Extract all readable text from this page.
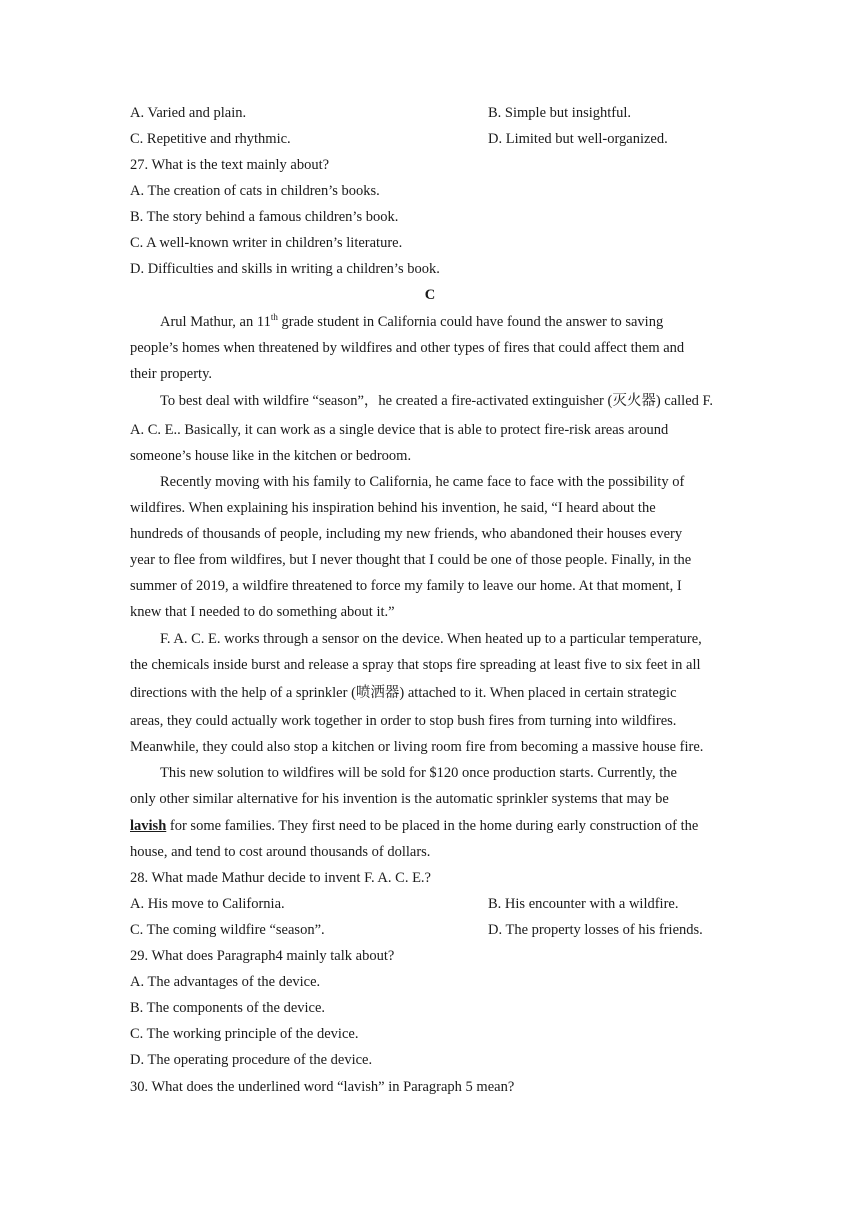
A. Varied and plain.	B. Simple but insightful.
C. Repetitive and rhythmic.	D. Limited but well-organized.
27. What is the text mainly about?
A. The creation of cats in children’s books.
B. The story behind a famous children’s book.
C. A well-known writer in children’s literature.
D. Difficulties and skills in writing a children’s book.
C
Arul Mathur, an 11th grade student in California could have found the answer to saving
people’s homes when threatened by wildfires and other types of fires that could affect them and
their property.
To best deal with wildfire “season”，he created a fire-activated extinguisher (灭火器) called F.
A. C. E.. Basically, it can work as a single device that is able to protect fire-risk areas around
someone’s house like in the kitchen or bedroom.
Recently moving with his family to California, he came face to face with the possibility of
wildfires. When explaining his inspiration behind his invention, he said, “I heard about the
hundreds of thousands of people, including my new friends, who abandoned their houses every
year to flee from wildfires, but I never thought that I could be one of those people. Finally, in the
summer of 2019, a wildfire threatened to force my family to leave our home. At that moment, I
knew that I needed to do something about it.”
F. A. C. E. works through a sensor on the device. When heated up to a particular temperature,
the chemicals inside burst and release a spray that stops fire spreading at least five to six feet in all
directions with the help of a sprinkler (喷洒器) attached to it. When placed in certain strategic
areas, they could actually work together in order to stop bush fires from turning into wildfires.
Meanwhile, they could also stop a kitchen or living room fire from becoming a massive house fire.
This new solution to wildfires will be sold for $120 once production starts. Currently, the
only other similar alternative for his invention is the automatic sprinkler systems that may be
lavish for some families. They first need to be placed in the home during early construction of the
house, and tend to cost around thousands of dollars.
28. What made Mathur decide to invent F. A. C. E.?
A. His move to California.	B. His encounter with a wildfire.
C. The coming wildfire “season”.	D. The property losses of his friends.
29. What does Paragraph4 mainly talk about?
A. The advantages of the device.
B. The components of the device.
C. The working principle of the device.
D. The operating procedure of the device.
30. What does the underlined word “lavish” in Paragraph 5 mean?
